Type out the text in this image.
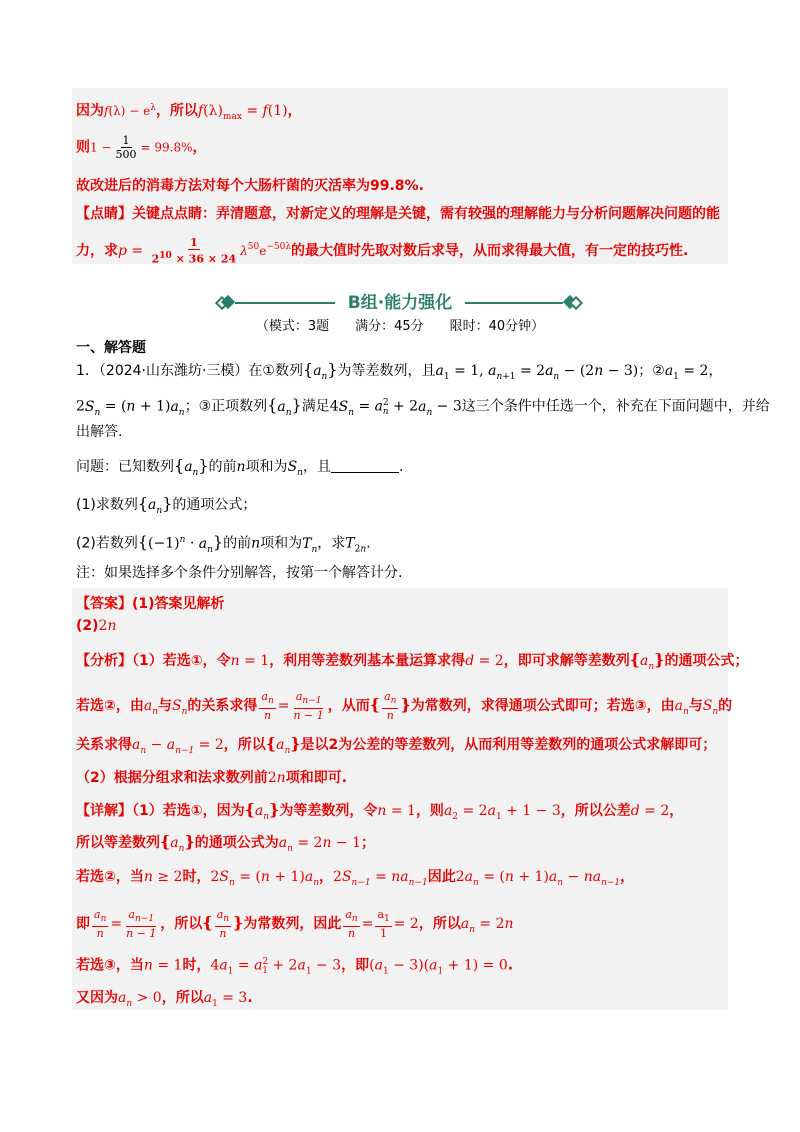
因为$f(\lambda) - e^\lambda$，所以$f(\lambda)_{max} = f(1)$，
则$1 - \frac{1}{500} = 99.8\%$，
故改进后的消毒方法对每个大肠杆菌的灭活率为99.8%.
【点睛】关键点点睛：弄清题意，对新定义的理解是关键，需有较强的理解能力与分析问题解决问题的能
力，求$p = \frac{1}{2^{10} \times 36 \times 24} \lambda^{50}e^{-50\lambda}$的最大值时先取对数后求导，从而求得最大值，有一定的技巧性.
B组·能力强化
（模式：3题　　满分：45分　　限时：40分钟）
一、解答题
1．（2024·山东潍坊·三模）在①数列$\{a_n\}$为等差数列，且$a_1 = 1$, $a_{n+1} = 2a_n - (2n - 3)$；$②a_1 = 2$，
$2S_n = (n + 1)a_n$；③正项数列$\{a_n\}$满足$4S_n = a^2_n + 2a_n - 3$这三个条件中任选一个，补充在下面问题中，并给
出解答.
问题：已知数列$\{a_n\}$的前n项和为$S_n$，且	.
(1)求数列$\{a_n\}$的通项公式；
(2)若数列$\{(-1)^n \cdot a_n\}$的前n项和为$T_n$，求$T_{2n}$.
注：如果选择多个条件分别解答，按第一个解答计分.
【答案】(1)答案见解析
(2)2n
【分析】（1）若选①，令n = 1，利用等差数列基本量运算求得d = 2，即可求解等差数列$\{a_n\}$的通项公式；
若选②，由$a_n$与$S_n$的关系求得 $\frac{a_n}{n} = \frac{a_{n-1}}{n - 1}$ ，从而{ $\frac{a_n}{n}$ }为常数列，求得通项公式即可；若选③，由$a_n$与$S_n$的
关系求得$a_n - a_{n-1} = 2$，所以$\{a_n\}$是以2为公差的等差数列，从而利用等差数列的通项公式求解即可；
（2）根据分组求和法求数列前2n项和即可.
【详解】（1）若选①，因为$\{a_n\}$为等差数列，令n = 1，则$a_2 = 2a_1 + 1 - 3$，所以公差d = 2，
所以等差数列$\{a_n\}$的通项公式为$a_n = 2n - 1$；
若选②，当n ≥ 2时，$2S_n = (n + 1)a_n$，$2S_{n-1} = na_{n-1}$因此$2a_n = (n + 1)a_n - na_{n-1}$，
即 $\frac{a_n}{n} = \frac{a_{n-1}}{n - 1}$ ，所以{ $\frac{a_n}{n}$ }为常数列，因此 $\frac{a_n}{n} = \frac{a_1}{1} = 2$，所以$a_n = 2n$
若选③，当n = 1时，$4a_1 = a^2_1 + 2a_1 - 3$，即$(a_1 - 3)(a_1 + 1) = 0$.
又因为$a_n > 0$，所以$a_1 = 3$.
